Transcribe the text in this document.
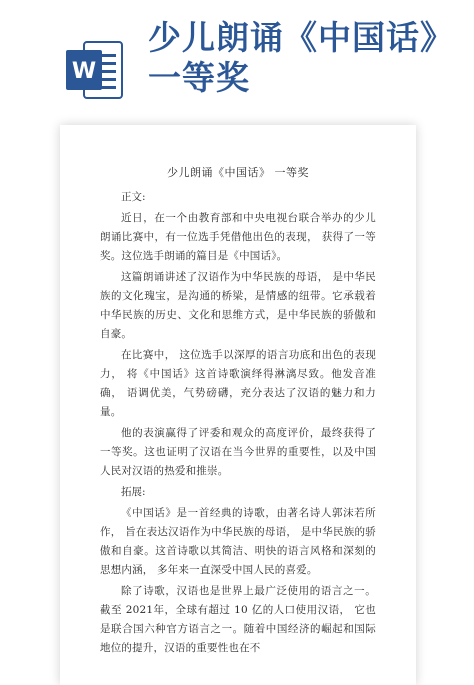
W
少儿朗诵《中国话》一等奖
少儿朗诵《中国话》 一等奖

正文:

近日，在一个由教育部和中央电视台联合举办的少儿朗诵比赛中，有一位选手凭借他出色的表现， 获得了一等奖。这位选手朗诵的篇目是《中国话》。

这篇朗诵讲述了汉语作为中华民族的母语， 是中华民族的文化瑰宝，是沟通的桥梁，是情感的纽带。它承载着中华民族的历史、文化和思维方式，是中华民族的骄傲和自豪。

在比赛中， 这位选手以深厚的语言功底和出色的表现力， 将《中国话》这首诗歌演绎得淋漓尽致。他发音准确， 语调优美，气势磅礴，充分表达了汉语的魅力和力量。

他的表演赢得了评委和观众的高度评价，最终获得了一等奖。这也证明了汉语在当今世界的重要性，以及中国人民对汉语的热爱和推崇。

拓展:

《中国话》是一首经典的诗歌，由著名诗人郭沫若所作， 旨在表达汉语作为中华民族的母语， 是中华民族的骄傲和自豪。这首诗歌以其简洁、明快的语言风格和深刻的思想内涵， 多年来一直深受中国人民的喜爱。

除了诗歌，汉语也是世界上最广泛使用的语言之一。截至 2021年，全球有超过 10 亿的人口使用汉语， 它也是联合国六种官方语言之一。随着中国经济的崛起和国际地位的提升，汉语的重要性也在不
